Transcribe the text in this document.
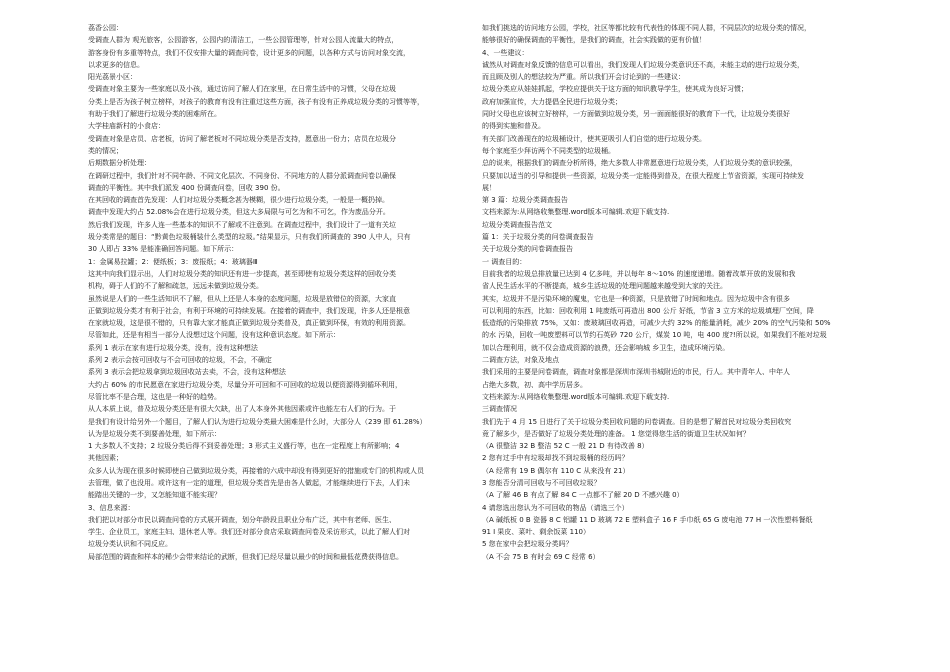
荔香公园：
受调查人群为 观光旅客，公园游客，公园内的清洁工，一些公园管理等，针对公园人流量大的特点，
游客身份有多重等特点，我们不仅安排大量的调查问卷，设计更多的问题，以各种方式与访问对象交流，
以求更多的信息。
阳光荔景小区：
受调查对象主要为一些家庭以及小孩，通过访问了解人们在家里，在日常生活中的习惯，父母在垃圾
分类上是否为孩子树立榜样，对孩子的教育有没有注重过这些方面，孩子有没有正养成垃圾分类的习惯等等，
有助于我们了解进行垃圾分类的困难所在。
大学桂庙新村的小食店：
受调查对象是店员、店老板，访问了解老板对不同垃圾分类是否支持，愿意出一份力；店员在垃圾分
类的情况；
后期数据分析处理：
在调研过程中，我们针对不同年龄、不同文化层次、不同身份、不同地方的人群分派调查问卷以确保
调查的平衡性。其中我们派发 400 份调查问卷，回收 390 份。
在其回收的调查首先发现：人们对垃圾分类概念甚为模糊，很少进行垃圾分类，一般是一概扔掉。
调查中发现大约占 52.08%会在进行垃圾分类，但这大多局限与可乞为和不可乞，作为废品分开。
然后我们发现，许多人连一些基本的知识不了解或不注意到。在调查过程中，我们设计了一道有关垃
圾分类常是的题目：“黔黄色垃圾桶装什么类型的垃圾。”结果显示，只有我们所调查的 390 人中人，只有
30 人即占 33% 是能准确回答问题。如下所示：
1：金属易拉罐；2：便纸板；3：废报纸；4：玻璃器Ⅲ
这其中向我们显示出，人们对垃圾分类的知识还有进一步提高，甚至即使有垃圾分类这样的回收分类
机构，碍于人们的不了解和疏忽，远远未做到垃圾分类。
虽然说是人们的一些生活知识不了解，但从上还是人本身的态度问题，垃圾是放错位的资源，大家直
正做到垃圾分类才有利于社会，有利于环境的可持续发展。在接着的调查中，我们发现，许多人还是根意
在家就垃圾，这是很不错的，只有靠大家才能真正做到垃圾分类普及，真正做到环保，有效的利用资源。
尽管如此，还是有相当一部分人没想过这个问题，没有这种意识态度。如下所示：
系列 1 表示在家有进行垃圾分类，没有，没有这种想法
系列 2 表示会按可回收与不会可回收的垃圾，不会，不确定
系列 3 表示会把垃圾拿到垃圾回收站去卖，不会，没有这种想法
大约占 60% 的市民愿意在家进行垃圾分类，尽量分开可回和不可回收的垃圾以便资源得到循环利用，
尽管比率不是合理，这也是一种好的趋势。
从人本质上说，普及垃圾分类还是有很大欠缺，出了人本身外其他因素或许也能左右人们的行为。于
是我们有设计给另外一个题目，了解人们认为进行垃圾分类最大困难是什么时，大部分人（239 即 61.28%）
认为是垃圾分类不到要善处理，如下所示：
1 大多数人不支持；2 垃圾分类后得不到妥善处理；3 形式主义盛行等，也在一定程度上有所影响；4
其他因素；
众多人认为现在很多时候即使自己做到垃圾分类，再接着的六成中却没有得到更好的措施或专门的机构或人员
去管理，做了也没用。或许这有一定的道理，但垃圾分类首先是由各人做起，才能继续进行下去，人们未
能踏出关键的一步，又怎能知道不能实现？
3、信息来源：
我们把以对部分市民以调查问卷的方式展开调查，划分年龄段且职业分布广泛，其中有老师、医生、
学生、企业员工，家庭主妇、退休老人等。我们还对部分食店采取调查问卷及采访形式，以此了解人们对
垃圾分类认识和不同反应。
局部范围的调查和样本的稀少会带来结论的武断，但我们已经尽量以最少的时间和最低花费获得信息。
如我们挑选的访问地方公园，学校，社区等都比较有代表性的体现不同人群，不同层次的垃圾分类的情况，
能够很好的确保调查的平衡性，是我们的调查，社会实践做的更有价值！
4、一些建议：
诚然从对调查对象反馈的信息可以看出，我们发现人们垃圾分类意识还不高，未能主动的进行垃圾分类，
而且顾及别人的想法较为严重。所以我们开会讨论到的一些建议：
垃圾分类应从娃娃抓起，学校应提供关于这方面的知识教导学生，使其成为良好习惯；
政府加强宣传，大力提倡全民进行垃圾分类；
同时父母也应该树立好榜样，一方面做到垃圾分类，另一面面能很好的教育下一代，让垃圾分类很好
的得到实施和普及。
有关部门改善现在的垃圾桶设计，使其更吸引人们自觉的进行垃圾分类。
每个家庭至少拜访两个不同类型的垃圾桶。
总的说来，根据我们的调查分析所得，绝大多数人非常愿意进行垃圾分类，人们垃圾分类的意识较强，
只要加以适当的引导和提供一些资源，垃圾分类一定能得到普及，在很大程度上节省资源，实现可持续发
展！
第 3 篇：垃圾分类调查报告
文档来源为:从网络收集整理.word版本可编辑.欢迎下载支持.
垃圾分类调查报告范文
篇 1：关于垃圾分类的问卷调查报告
关于垃圾分类的问卷调查报告
一 调查目的：
目前我者的垃圾总排放量已达到 4 亿多吨，并以每年 8～10% 的速度递增。随着改革开放的发展和我
省人民生活水平的不断提高，城乡生活垃圾的处理问题越来越受到大家的关注。
其实，垃圾并不是污染环境的魔鬼，它也是一种资源，只是放错了时间和地点。因为垃圾中含有很多
可以利用的东西，比如：回收利用 1 吨废纸可再造出 800 公斤 好纸，节省 3 立方米的垃圾填埋厂空间，降
低造纸的污染排放 75%，又如：废玻璃回收再造，可减少大约 32% 的能量消耗，减少 20% 的空气污染和 50%
的水 污染，回收一吨废塑料可以节约石英砂 720 公斤，煤炭 10 吨，电 400 度?!所以说，如果我们不能对垃圾
加以合理利用，就不仅会造成资源的浪费，还会影响城 乡卫生，造成环境污染。
二调查方法，对象及地点
我们采用的主要是问卷调查，调查对象都是深圳市深圳书城附近的市民，行人。其中青年人、中年人
占绝大多数，初、高中学历居多。
文档来源为:从网络收集整理.word版本可编辑.欢迎下载支持.
三调查情况
我们先于 4 月 15 日进行了关于垃圾分类回收问题的问卷调查。目的是想了解首民对垃圾分类回收究
竟了解多少，是否做好了垃圾分类处理的准备。 1 您觉得您生活的街道卫生状况如何？
（A 很整洁 32 B 整洁 52 C 一般 21 D 有待改善 8）
2 您有过手中有垃圾却找不到垃圾桶的经历吗？
（A 经常有 19 B 偶尔有 110 C 从来没有 21）
3 您能否分清可回收与不可回收垃圾？
（A 了解 46 B 有点了解 84 C 一点都不了解 20 D 不感兴趣 0）
4 请您选出您认为不可回收的物品（请选三个）
（A 碱纸板 0 B 瓷器 8 C 铝罐 11 D 玻璃 72 E 塑料盒子 16 F 手巾纸 65 G 废电池 77 H 一次性塑料餐纸
91 I 果皮、菜叶、剩余饭菜 110）
5 您在家中会把垃圾分类吗？
（A 不会 75 B 有时会 69 C 经常 6）
